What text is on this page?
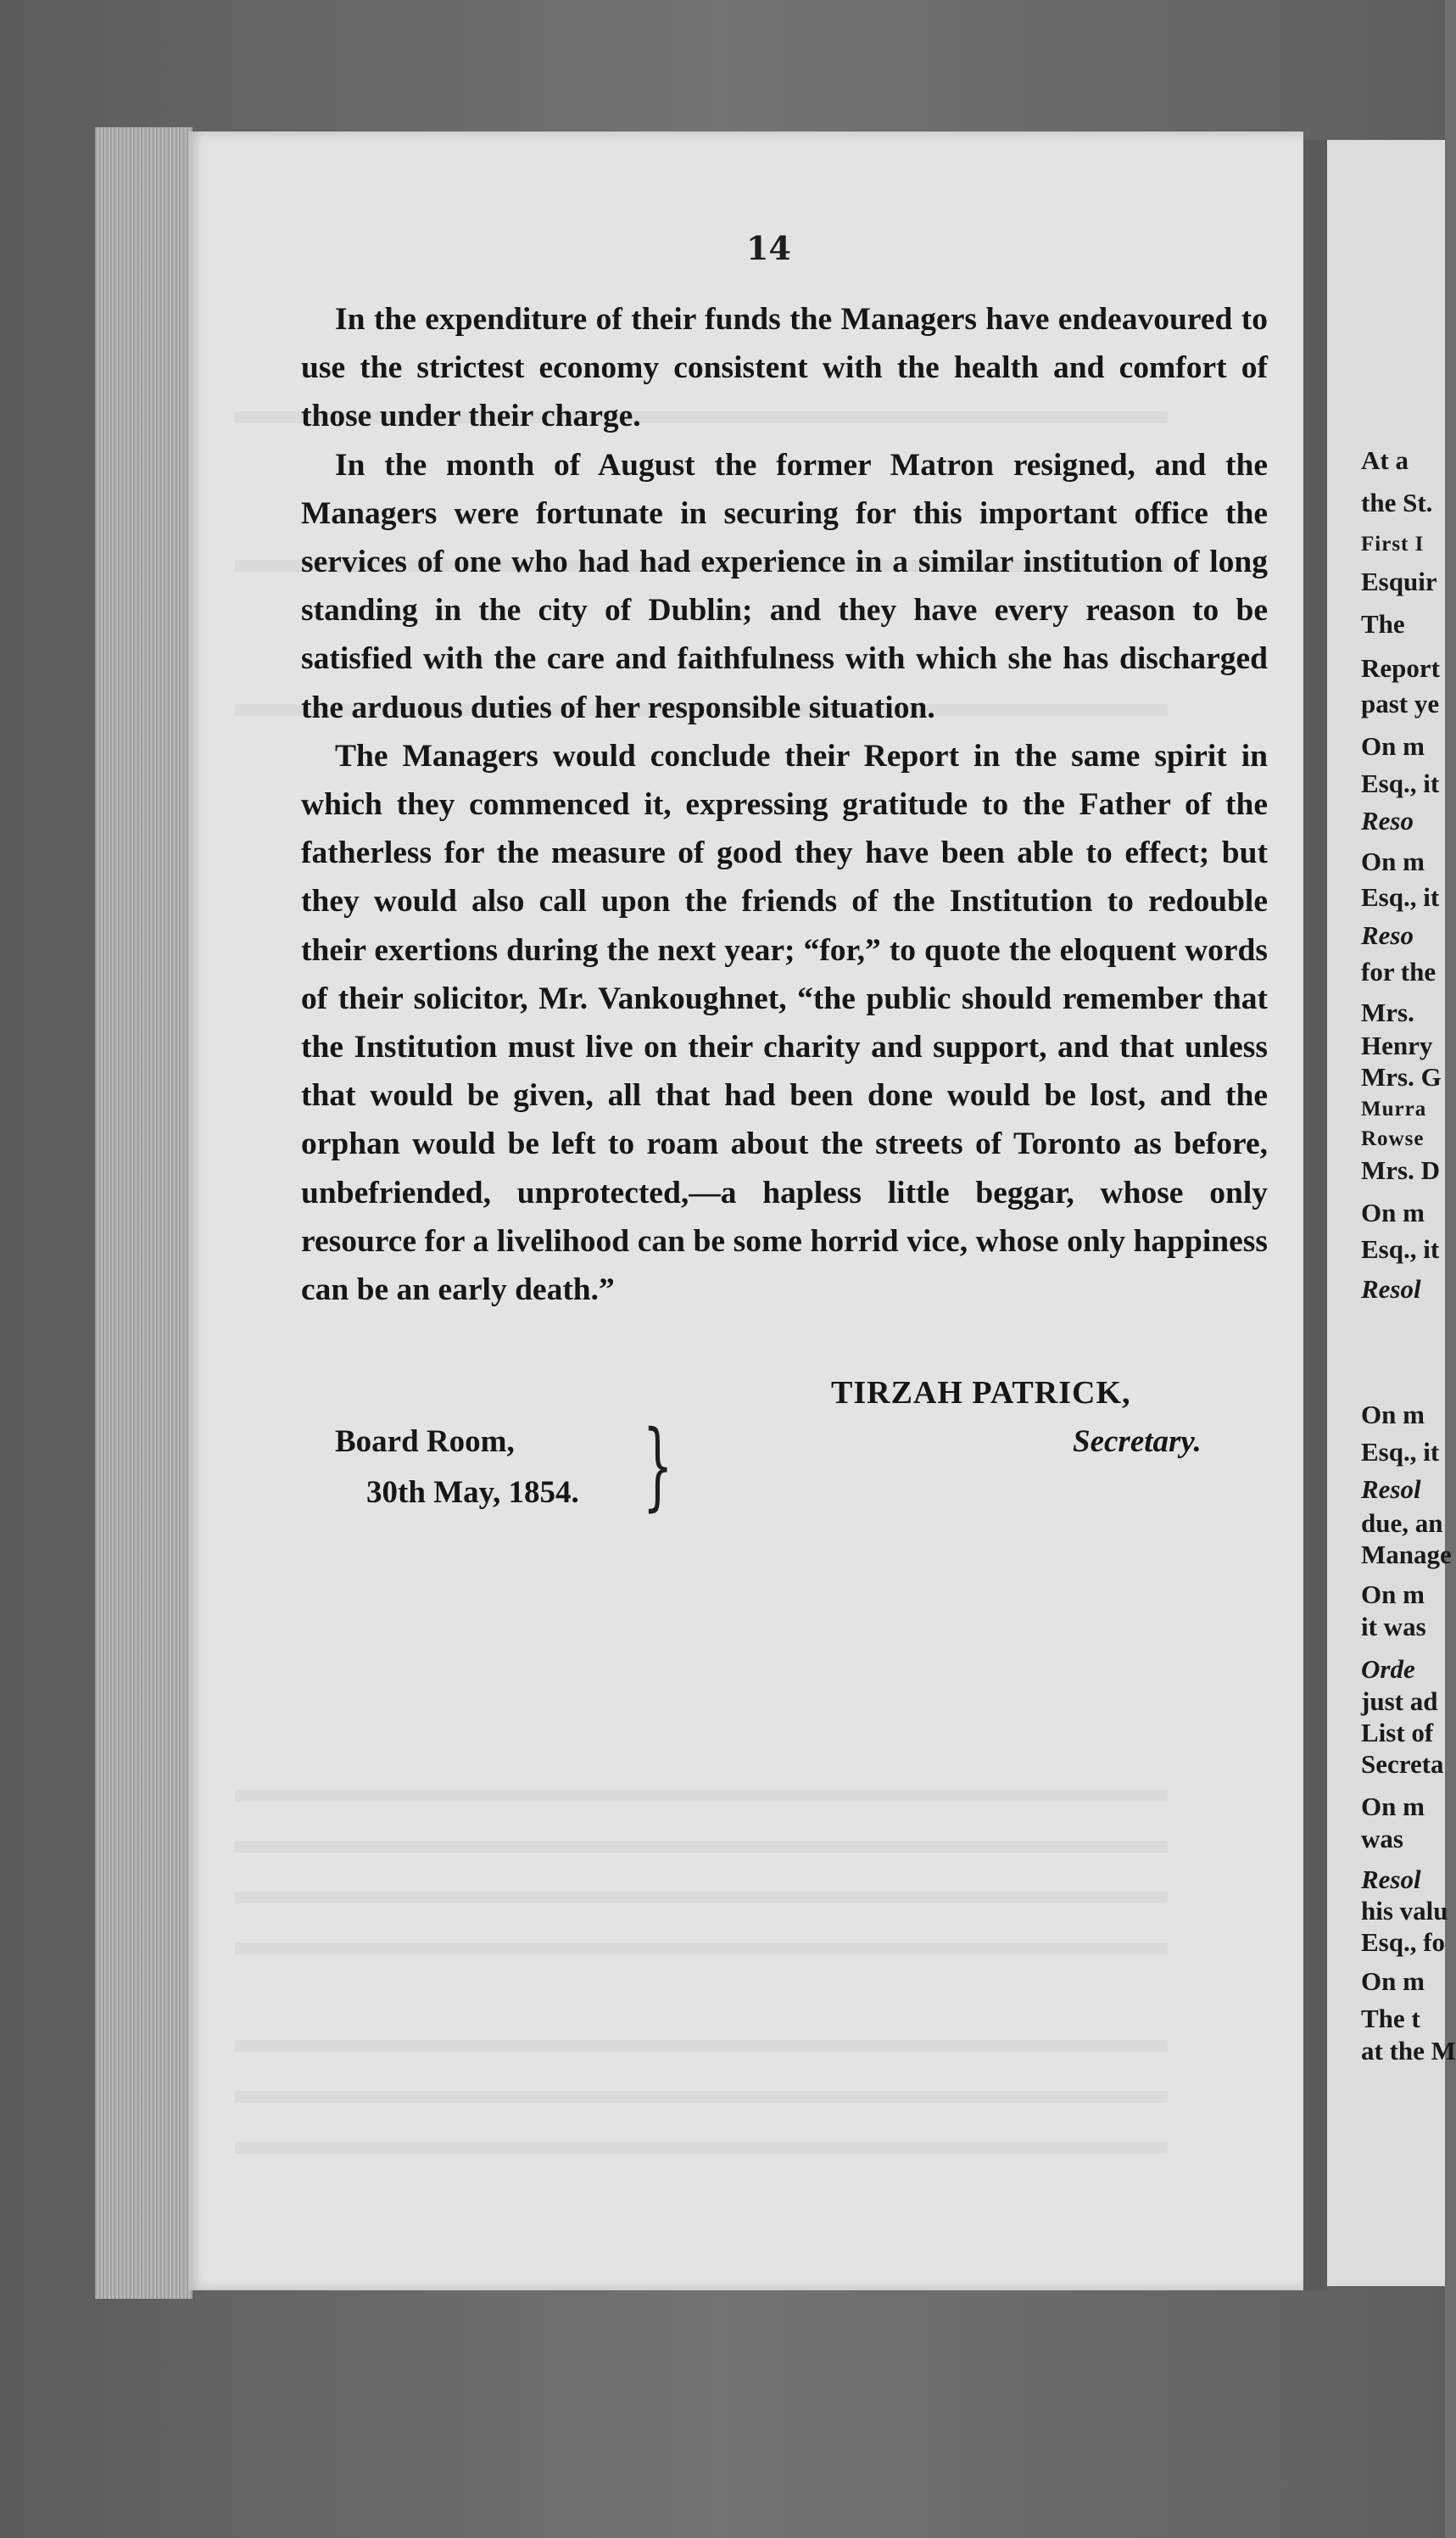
14

In the expenditure of their funds the Managers have endeavoured to use the strictest economy consistent with the health and comfort of those under their charge.

In the month of August the former Matron resigned, and the Managers were fortunate in securing for this important office the services of one who had had experience in a similar institution of long standing in the city of Dublin; and they have every reason to be satisfied with the care and faithfulness with which she has discharged the arduous duties of her responsible situation.

The Managers would conclude their Report in the same spirit in which they commenced it, expressing gratitude to the Father of the fatherless for the measure of good they have been able to effect; but they would also call upon the friends of the Institution to redouble their exertions during the next year; “for,” to quote the eloquent words of their solicitor, Mr. Vankoughnet, “the public should remember that the Institution must live on their charity and support, and that unless that would be given, all that had been done would be lost, and the orphan would be left to roam about the streets of Toronto as before, unbefriended, unprotected,—a hapless little beggar, whose only resource for a livelihood can be some horrid vice, whose only happiness can be an early death.”

TIRZAH PATRICK,
Secretary.
Board Room,
30th May, 1854. }
At a
the St.
First I
Esquir
The
Report
past ye
On m
Esq., it
Reso
On m
Esq., it
Reso
for the
Mrs.
Henry
Mrs. G
Murra
Rowse
Mrs. D
On m
Esq., it
Resol
On m
Esq., it
Resol
due, an
Manage
On m
it was
Orde
just ad
List of
Secreta
On m
was
Resol
his valu
Esq., fo
On m
The t
at the M
